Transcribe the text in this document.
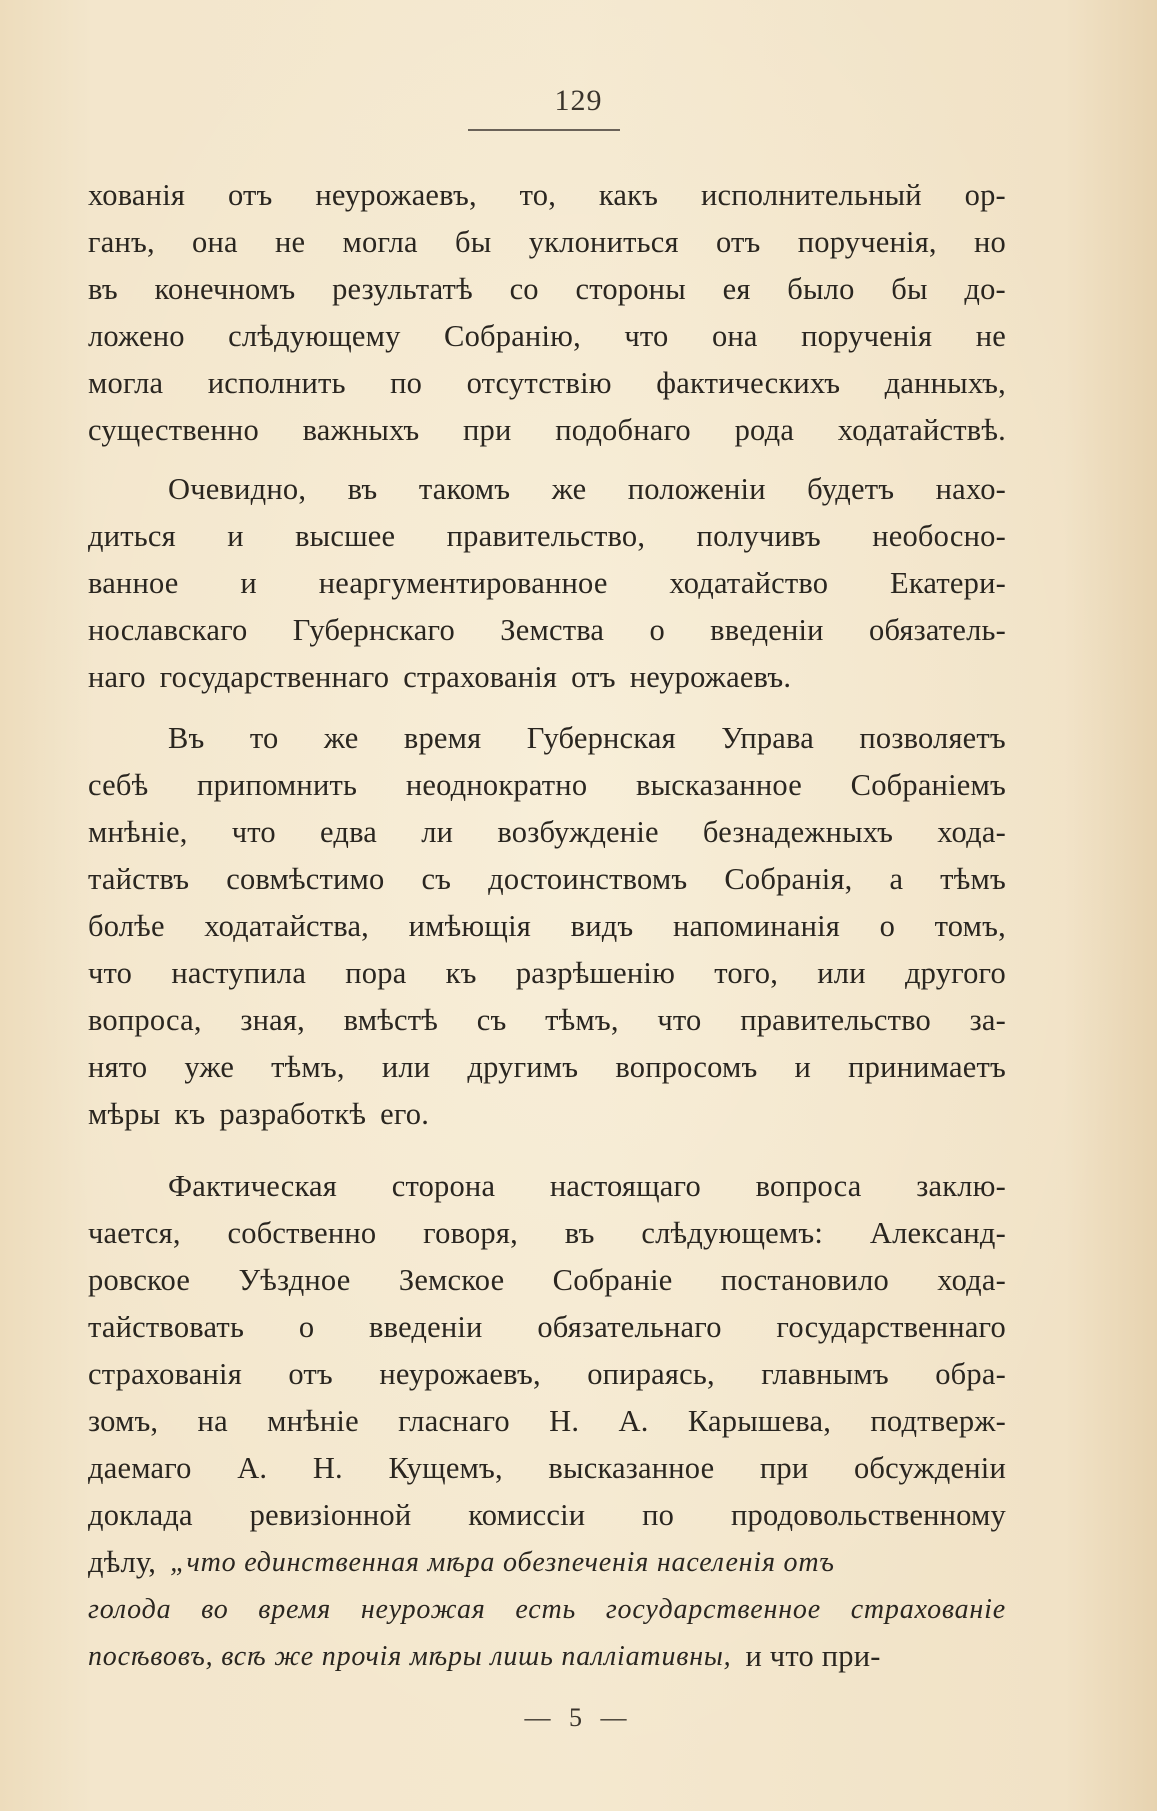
129
хованія отъ неурожаевъ, то, какъ исполнительный ор-
ганъ, она не могла бы уклониться отъ порученія, но
въ конечномъ результатѣ со стороны ея было бы до-
ложено слѣдующему Собранію, что она порученія не
могла исполнить по отсутствію фактическихъ данныхъ,
существенно важныхъ при подобнаго рода ходатайствѣ.
Очевидно, въ такомъ же положеніи будетъ нахо-
диться и высшее правительство, получивъ необосно-
ванное и неаргументированное ходатайство Екатери-
нославскаго Губернскаго Земства о введеніи обязатель-
наго государственнаго страхованія отъ неурожаевъ.
Въ то же время Губернская Управа позволяетъ
себѣ припомнить неоднократно высказанное Собраніемъ
мнѣніе, что едва ли возбужденіе безнадежныхъ хода-
тайствъ совмѣстимо съ достоинствомъ Собранія, а тѣмъ
болѣе ходатайства, имѣющія видъ напоминанія о томъ,
что наступила пора къ разрѣшенію того, или другого
вопроса, зная, вмѣстѣ съ тѣмъ, что правительство за-
нято уже тѣмъ, или другимъ вопросомъ и принимаетъ
мѣры къ разработкѣ его.
Фактическая сторона настоящаго вопроса заклю-
чается, собственно говоря, въ слѣдующемъ: Александ-
ровское Уѣздное Земское Собраніе постановило хода-
тайствовать о введеніи обязательнаго государственнаго
страхованія отъ неурожаевъ, опираясь, главнымъ обра-
зомъ, на мнѣніе гласнаго Н. А. Карышева, подтверж-
даемаго А. Н. Кущемъ, высказанное при обсужденіи
доклада ревизіонной комиссіи по продовольственному
дѣлу, „что единственная мѣра обезпеченія населенія отъ
голода во время неурожая есть государственное страхованіе
посѣвовъ, всѣ же прочія мѣры лишь палліативны, и что при-
— 5 —
